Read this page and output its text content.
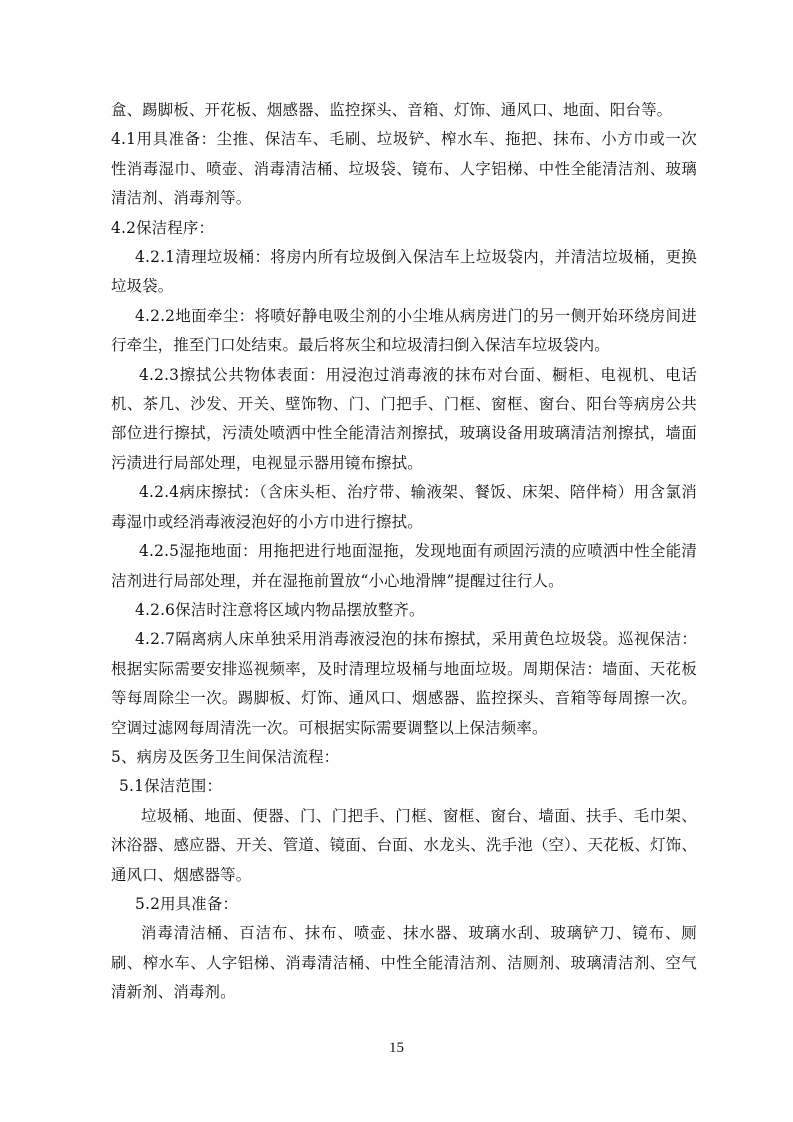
盒、踢脚板、开花板、烟感器、监控探头、音箱、灯饰、通风口、地面、阳台等。

4.1用具准备：尘推、保洁车、毛刷、垃圾铲、榨水车、拖把、抹布、小方巾或一次性消毒湿巾、喷壶、消毒清洁桶、垃圾袋、镜布、人字铝梯、中性全能清洁剂、玻璃清洁剂、消毒剂等。

4.2保洁程序：

4.2.1清理垃圾桶：将房内所有垃圾倒入保洁车上垃圾袋内，并清洁垃圾桶，更换垃圾袋。

4.2.2地面牵尘：将喷好静电吸尘剂的小尘堆从病房进门的另一侧开始环绕房间进行牵尘，推至门口处结束。最后将灰尘和垃圾清扫倒入保洁车垃圾袋内。

4.2.3擦拭公共物体表面：用浸泡过消毒液的抹布对台面、橱柜、电视机、电话机、茶几、沙发、开关、壁饰物、门、门把手、门框、窗框、窗台、阳台等病房公共部位进行擦拭，污渍处喷洒中性全能清洁剂擦拭，玻璃设备用玻璃清洁剂擦拭，墙面污渍进行局部处理，电视显示器用镜布擦拭。

4.2.4病床擦拭：（含床头柜、治疗带、输液架、餐饭、床架、陪伴椅）用含氯消毒湿巾或经消毒液浸泡好的小方巾进行擦拭。

4.2.5湿拖地面：用拖把进行地面湿拖，发现地面有顽固污渍的应喷洒中性全能清洁剂进行局部处理，并在湿拖前置放“小心地滑牌”提醒过往行人。

4.2.6保洁时注意将区域内物品摆放整齐。

4.2.7隔离病人床单独采用消毒液浸泡的抹布擦拭，采用黄色垃圾袋。巡视保洁：根据实际需要安排巡视频率，及时清理垃圾桶与地面垃圾。周期保洁：墙面、天花板等每周除尘一次。踢脚板、灯饰、通风口、烟感器、监控探头、音箱等每周擦一次。空调过滤网每周清洗一次。可根据实际需要调整以上保洁频率。

5、病房及医务卫生间保洁流程：

5.1保洁范围：

垃圾桶、地面、便器、门、门把手、门框、窗框、窗台、墙面、扶手、毛巾架、沐浴器、感应器、开关、管道、镜面、台面、水龙头、洗手池（空）、天花板、灯饰、通风口、烟感器等。

5.2用具准备：

消毒清洁桶、百洁布、抹布、喷壶、抹水器、玻璃水刮、玻璃铲刀、镜布、厕刷、榨水车、人字铝梯、消毒清洁桶、中性全能清洁剂、洁厕剂、玻璃清洁剂、空气清新剂、消毒剂。

15
